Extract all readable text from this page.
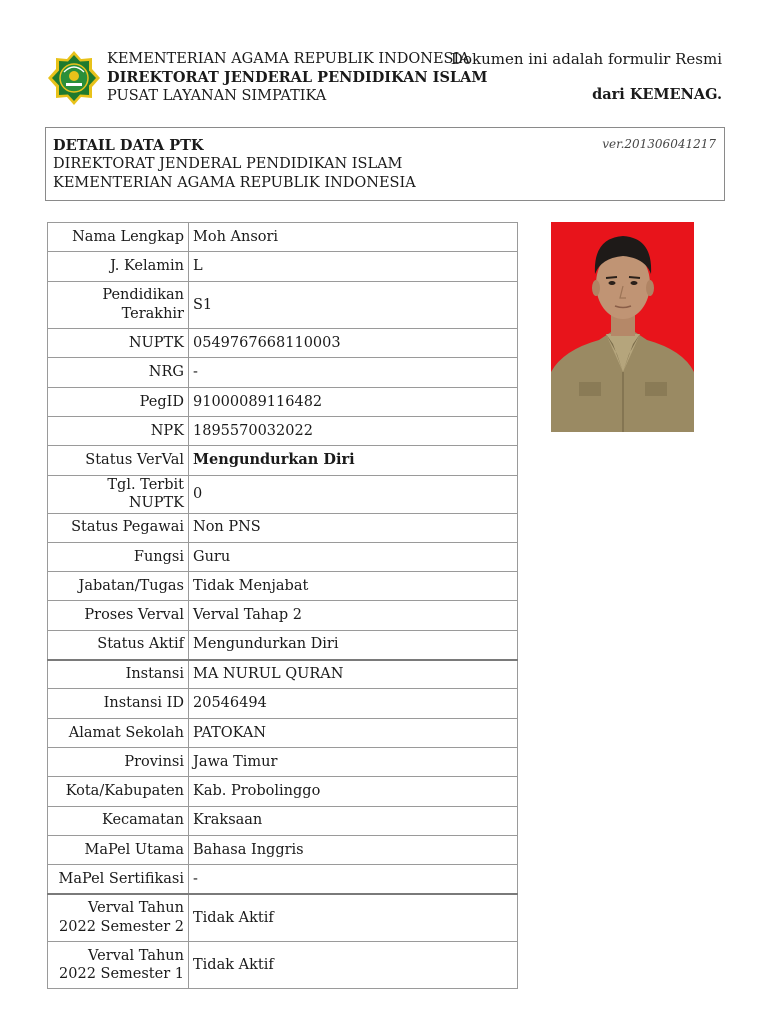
KEMENTERIAN AGAMA REPUBLIK INDONESIA
DIREKTORAT JENDERAL PENDIDIKAN ISLAM
PUSAT LAYANAN SIMPATIKA
Dokumen ini adalah formulir Resmi
dari KEMENAG.
DETAIL DATA PTK
DIREKTORAT JENDERAL PENDIDIKAN ISLAM
KEMENTERIAN AGAMA REPUBLIK INDONESIA
ver.201306041217
Nama Lengkap	Moh Ansori
J. Kelamin	L
Pendidikan Terakhir	S1
NUPTK	0549767668110003
NRG	-
PegID	91000089116482
NPK	1895570032022
Status VerVal	Mengundurkan Diri
Tgl. Terbit NUPTK	0
Status Pegawai	Non PNS
Fungsi	Guru
Jabatan/Tugas	Tidak Menjabat
Proses Verval	Verval Tahap 2
Status Aktif	Mengundurkan Diri
Instansi	MA NURUL QURAN
Instansi ID	20546494
Alamat Sekolah	PATOKAN
Provinsi	Jawa Timur
Kota/Kabupaten	Kab. Probolinggo
Kecamatan	Kraksaan
MaPel Utama	Bahasa Inggris
MaPel Sertifikasi	-
Verval Tahun 2022 Semester 2	Tidak Aktif
Verval Tahun 2022 Semester 1	Tidak Aktif
